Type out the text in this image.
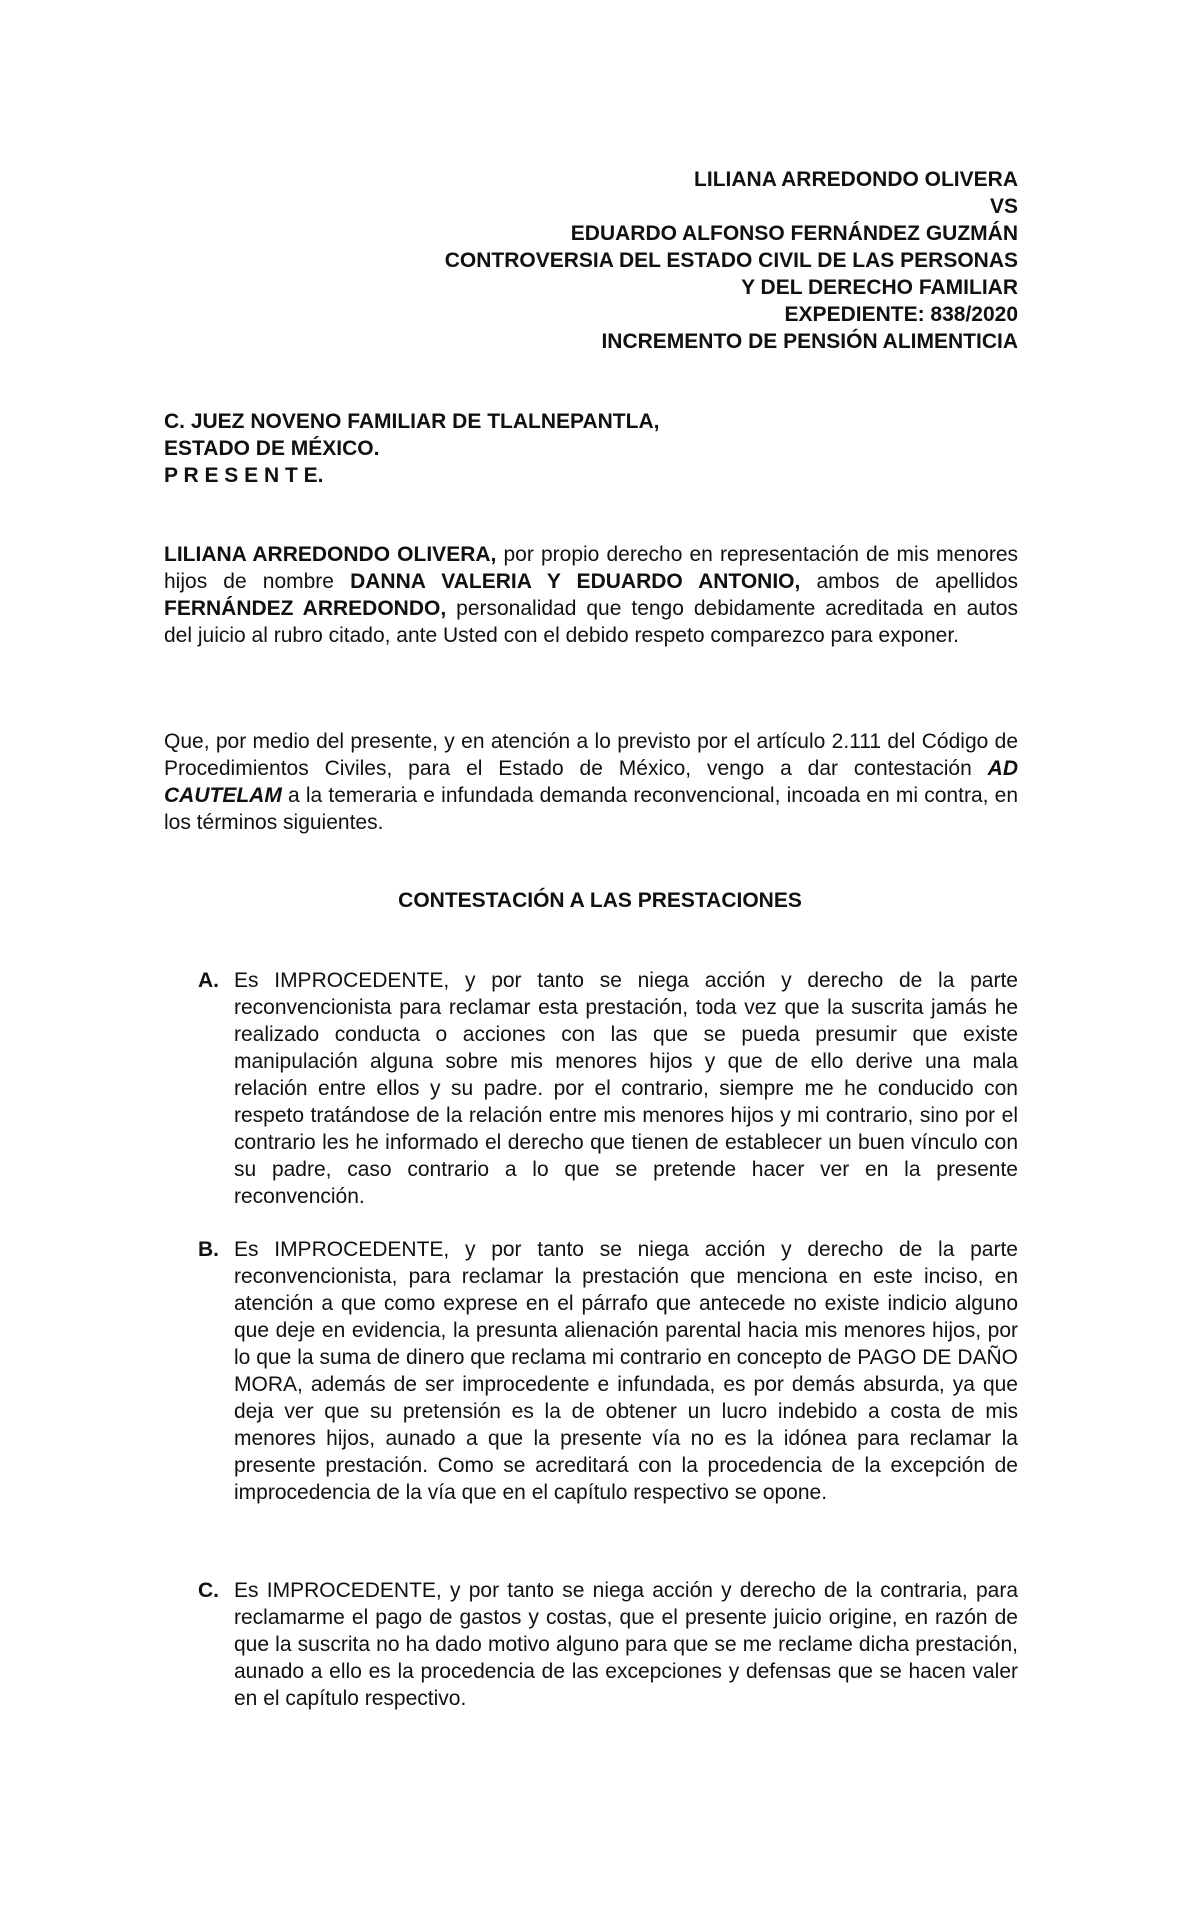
LILIANA ARREDONDO OLIVERA
VS
EDUARDO ALFONSO FERNÁNDEZ GUZMÁN
CONTROVERSIA DEL ESTADO CIVIL DE LAS PERSONAS
Y DEL DERECHO FAMILIAR
EXPEDIENTE: 838/2020
INCREMENTO DE PENSIÓN ALIMENTICIA
C. JUEZ NOVENO FAMILIAR DE TLALNEPANTLA,
ESTADO DE MÉXICO.
P R E S E N T E.
LILIANA ARREDONDO OLIVERA, por propio derecho en representación de mis menores hijos de nombre DANNA VALERIA Y EDUARDO ANTONIO, ambos de apellidos FERNÁNDEZ ARREDONDO, personalidad que tengo debidamente acreditada en autos del juicio al rubro citado, ante Usted con el debido respeto comparezco para exponer.
Que, por medio del presente, y en atención a lo previsto por el artículo 2.111 del Código de Procedimientos Civiles, para el Estado de México, vengo a dar contestación AD CAUTELAM a la temeraria e infundada demanda reconvencional, incoada en mi contra, en los términos siguientes.
CONTESTACIÓN A LAS PRESTACIONES
A. Es IMPROCEDENTE, y por tanto se niega acción y derecho de la parte reconvencionista para reclamar esta prestación, toda vez que la suscrita jamás he realizado conducta o acciones con las que se pueda presumir que existe manipulación alguna sobre mis menores hijos y que de ello derive una mala relación entre ellos y su padre. por el contrario, siempre me he conducido con respeto tratándose de la relación entre mis menores hijos y mi contrario, sino por el contrario les he informado el derecho que tienen de establecer un buen vínculo con su padre, caso contrario a lo que se pretende hacer ver en la presente reconvención.
B. Es IMPROCEDENTE, y por tanto se niega acción y derecho de la parte reconvencionista, para reclamar la prestación que menciona en este inciso, en atención a que como exprese en el párrafo que antecede no existe indicio alguno que deje en evidencia, la presunta alienación parental hacia mis menores hijos, por lo que la suma de dinero que reclama mi contrario en concepto de PAGO DE DAÑO MORA, además de ser improcedente e infundada, es por demás absurda, ya que deja ver que su pretensión es la de obtener un lucro indebido a costa de mis menores hijos, aunado a que la presente vía no es la idónea para reclamar la presente prestación. Como se acreditará con la procedencia de la excepción de improcedencia de la vía que en el capítulo respectivo se opone.
C. Es IMPROCEDENTE, y por tanto se niega acción y derecho de la contraria, para reclamarme el pago de gastos y costas, que el presente juicio origine, en razón de que la suscrita no ha dado motivo alguno para que se me reclame dicha prestación, aunado a ello es la procedencia de las excepciones y defensas que se hacen valer en el capítulo respectivo.
